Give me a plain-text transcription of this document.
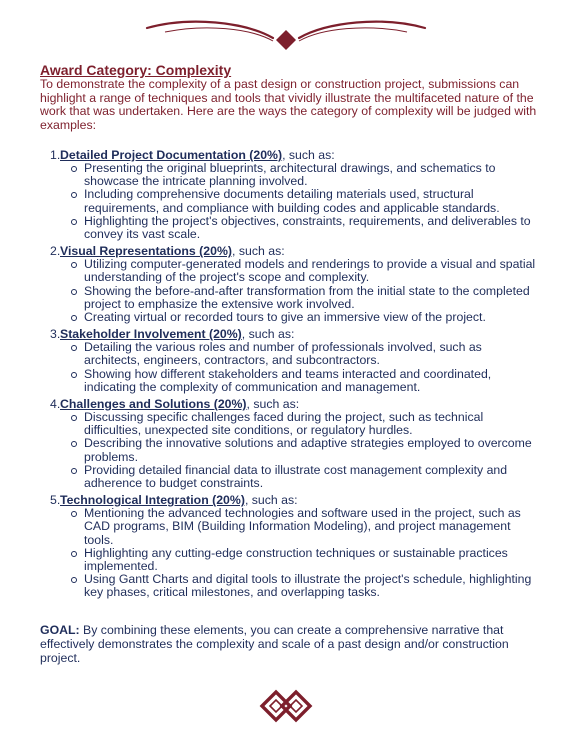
Award Category: Complexity
To demonstrate the complexity of a past design or construction project, submissions can highlight a range of techniques and tools that vividly illustrate the multifaceted nature of the work that was undertaken. Here are the ways the category of complexity will be judged with examples:
1.Detailed Project Documentation (20%), such as:
Presenting the original blueprints, architectural drawings, and schematics to showcase the intricate planning involved.
Including comprehensive documents detailing materials used, structural requirements, and compliance with building codes and applicable standards.
Highlighting the project's objectives, constraints, requirements, and deliverables to convey its vast scale.
2.Visual Representations (20%), such as:
Utilizing computer-generated models and renderings to provide a visual and spatial understanding of the project's scope and complexity.
Showing the before-and-after transformation from the initial state to the completed project to emphasize the extensive work involved.
Creating virtual or recorded tours to give an immersive view of the project.
3.Stakeholder Involvement (20%), such as:
Detailing the various roles and number of professionals involved, such as architects, engineers, contractors, and subcontractors.
Showing how different stakeholders and teams interacted and coordinated, indicating the complexity of communication and management.
4.Challenges and Solutions (20%), such as:
Discussing specific challenges faced during the project, such as technical difficulties, unexpected site conditions, or regulatory hurdles.
Describing the innovative solutions and adaptive strategies employed to overcome problems.
Providing detailed financial data to illustrate cost management complexity and adherence to budget constraints.
5.Technological Integration (20%), such as:
Mentioning the advanced technologies and software used in the project, such as CAD programs, BIM (Building Information Modeling), and project management tools.
Highlighting any cutting-edge construction techniques or sustainable practices implemented.
Using Gantt Charts and digital tools to illustrate the project's schedule, highlighting key phases, critical milestones, and overlapping tasks.
GOAL: By combining these elements, you can create a comprehensive narrative that effectively demonstrates the complexity and scale of a past design and/or construction project.
